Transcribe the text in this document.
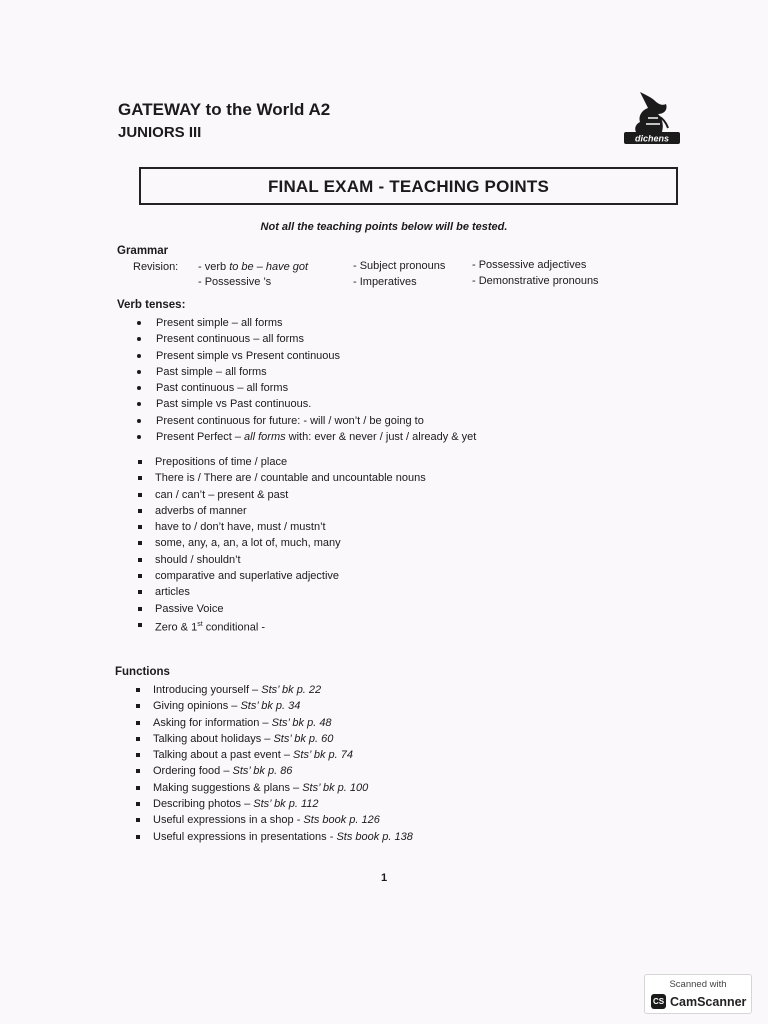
GATEWAY to the World A2
JUNIORS III	dichens
FINAL EXAM - TEACHING POINTS
Not all the teaching points below will be tested.
Grammar
Revision: - verb to be – have got
- Possessive ’s
- Subject pronouns
- Imperatives
- Possessive adjectives
- Demonstrative pronouns
Verb tenses:
Present simple – all forms
Present continuous – all forms
Present simple vs Present continuous
Past simple – all forms
Past continuous – all forms
Past simple vs Past continuous.
Present continuous for future: - will / won’t / be going to
Present Perfect – all forms with: ever & never / just / already & yet
Prepositions of time / place
There is / There are / countable and uncountable nouns
can / can’t – present & past
adverbs of manner
have to / don’t have, must / mustn’t
some, any, a, an, a lot of, much, many
should / shouldn’t
comparative and superlative adjective
articles
Passive Voice
Zero & 1st conditional -
Functions
Introducing yourself – Sts’ bk p. 22
Giving opinions – Sts’ bk p. 34
Asking for information – Sts’ bk p. 48
Talking about holidays – Sts’ bk p. 60
Talking about a past event – Sts’ bk p. 74
Ordering food – Sts’ bk p. 86
Making suggestions & plans – Sts’ bk p. 100
Describing photos – Sts’ bk p. 112
Useful expressions in a shop - Sts book p. 126
Useful expressions in presentations - Sts book p. 138
1
Scanned with
CS CamScanner
